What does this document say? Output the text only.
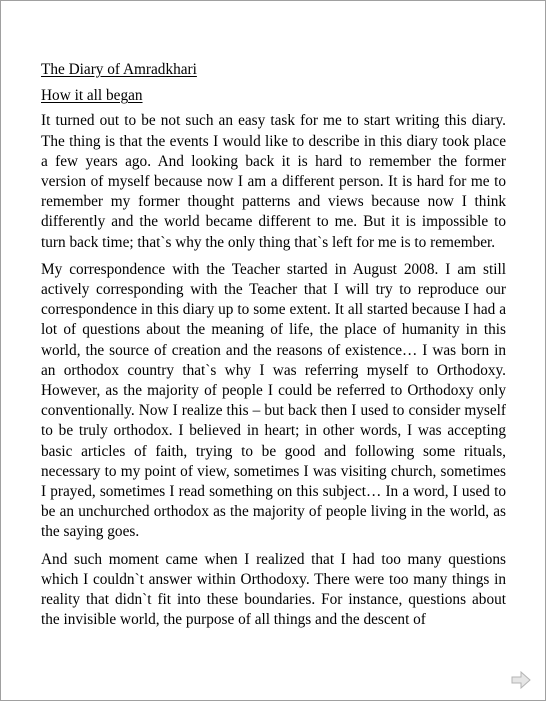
The Diary of Amradkhari
How it all began

It turned out to be not such an easy task for me to start writing this diary. The thing is that the events I would like to describe in this diary took place a few years ago. And looking back it is hard to remember the former version of myself because now I am a different person. It is hard for me to remember my former thought patterns and views because now I think differently and the world became different to me. But it is impossible to turn back time; that`s why the only thing that`s left for me is to remember.

My correspondence with the Teacher started in August 2008. I am still actively corresponding with the Teacher that I will try to reproduce our correspondence in this diary up to some extent. It all started because I had a lot of questions about the meaning of life, the place of humanity in this world, the source of creation and the reasons of existence… I was born in an orthodox country that`s why I was referring myself to Orthodoxy. However, as the majority of people I could be referred to Orthodoxy only conventionally. Now I realize this – but back then I used to consider myself to be truly orthodox. I believed in heart; in other words, I was accepting basic articles of faith, trying to be good and following some rituals, necessary to my point of view, sometimes I was visiting church, sometimes I prayed, sometimes I read something on this subject… In a word, I used to be an unchurched orthodox as the majority of people living in the world, as the saying goes.

And such moment came when I realized that I had too many questions which I couldn`t answer within Orthodoxy. There were too many things in reality that didn`t fit into these boundaries. For instance, questions about the invisible world, the purpose of all things and the descent of
